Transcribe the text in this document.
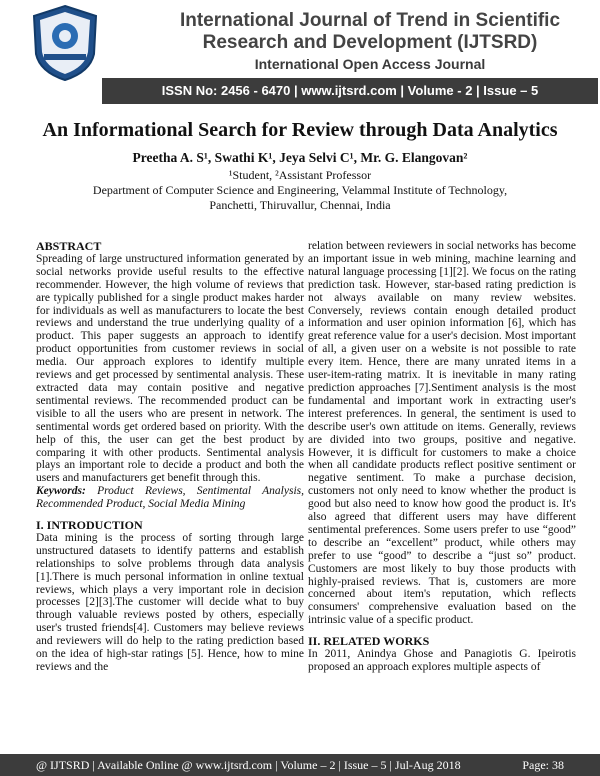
International Journal of Trend in Scientific
Research and Development (IJTSRD)
International Open Access Journal
ISSN No: 2456 - 6470 | www.ijtsrd.com | Volume - 2 | Issue – 5
An Informational Search for Review through Data Analytics
Preetha A. S¹, Swathi K¹, Jeya Selvi C¹, Mr. G. Elangovan²
¹Student, ²Assistant Professor
Department of Computer Science and Engineering, Velammal Institute of Technology,
Panchetti, Thiruvallur, Chennai, India

ABSTRACT

Spreading of large unstructured information generated by social networks provide useful results to the effective recommender. However, the high volume of reviews that are typically published for a single product makes harder for individuals as well as manufacturers to locate the best reviews and understand the true underlying quality of a product. This paper suggests an approach to identify product opportunities from customer reviews in social media. Our approach explores to identify multiple reviews and get processed by sentimental analysis. These extracted data may contain positive and negative sentimental reviews. The recommended product can be visible to all the users who are present in network. The sentimental words get ordered based on priority. With the help of this, the user can get the best product by comparing it with other products. Sentimental analysis plays an important role to decide a product and both the users and manufacturers get benefit through this.

Keywords: Product Reviews, Sentimental Analysis, Recommended Product, Social Media Mining

I. INTRODUCTION

Data mining is the process of sorting through large unstructured datasets to identify patterns and establish relationships to solve problems through data analysis [1].There is much personal information in online textual reviews, which plays a very important role in decision processes [2][3].The customer will decide what to buy through valuable reviews posted by others, especially user's trusted friends[4]. Customers may believe reviews and reviewers will do help to the rating prediction based on the idea of high-star ratings [5]. Hence, how to mine reviews and the

relation between reviewers in social networks has become an important issue in web mining, machine learning and natural language processing [1][2]. We focus on the rating prediction task. However, star-based rating prediction is not always available on many review websites. Conversely, reviews contain enough detailed product information and user opinion information [6], which has great reference value for a user's decision. Most important of all, a given user on a website is not possible to rate every item. Hence, there are many unrated items in a user-item-rating matrix. It is inevitable in many rating prediction approaches [7].Sentiment analysis is the most fundamental and important work in extracting user's interest preferences. In general, the sentiment is used to describe user's own attitude on items. Generally, reviews are divided into two groups, positive and negative. However, it is difficult for customers to make a choice when all candidate products reflect positive sentiment or negative sentiment. To make a purchase decision, customers not only need to know whether the product is good but also need to know how good the product is. It's also agreed that different users may have different sentimental preferences. Some users prefer to use “good” to describe an “excellent” product, while others may prefer to use “good” to describe a “just so” product. Customers are most likely to buy those products with highly-praised reviews. That is, customers are more concerned about item's reputation, which reflects consumers' comprehensive evaluation based on the intrinsic value of a specific product.

II. RELATED WORKS

In 2011, Anindya Ghose and Panagiotis G. Ipeirotis proposed an approach explores multiple aspects of

@ IJTSRD | Available Online @ www.ijtsrd.com | Volume – 2 | Issue – 5 | Jul-Aug 2018	Page: 38
